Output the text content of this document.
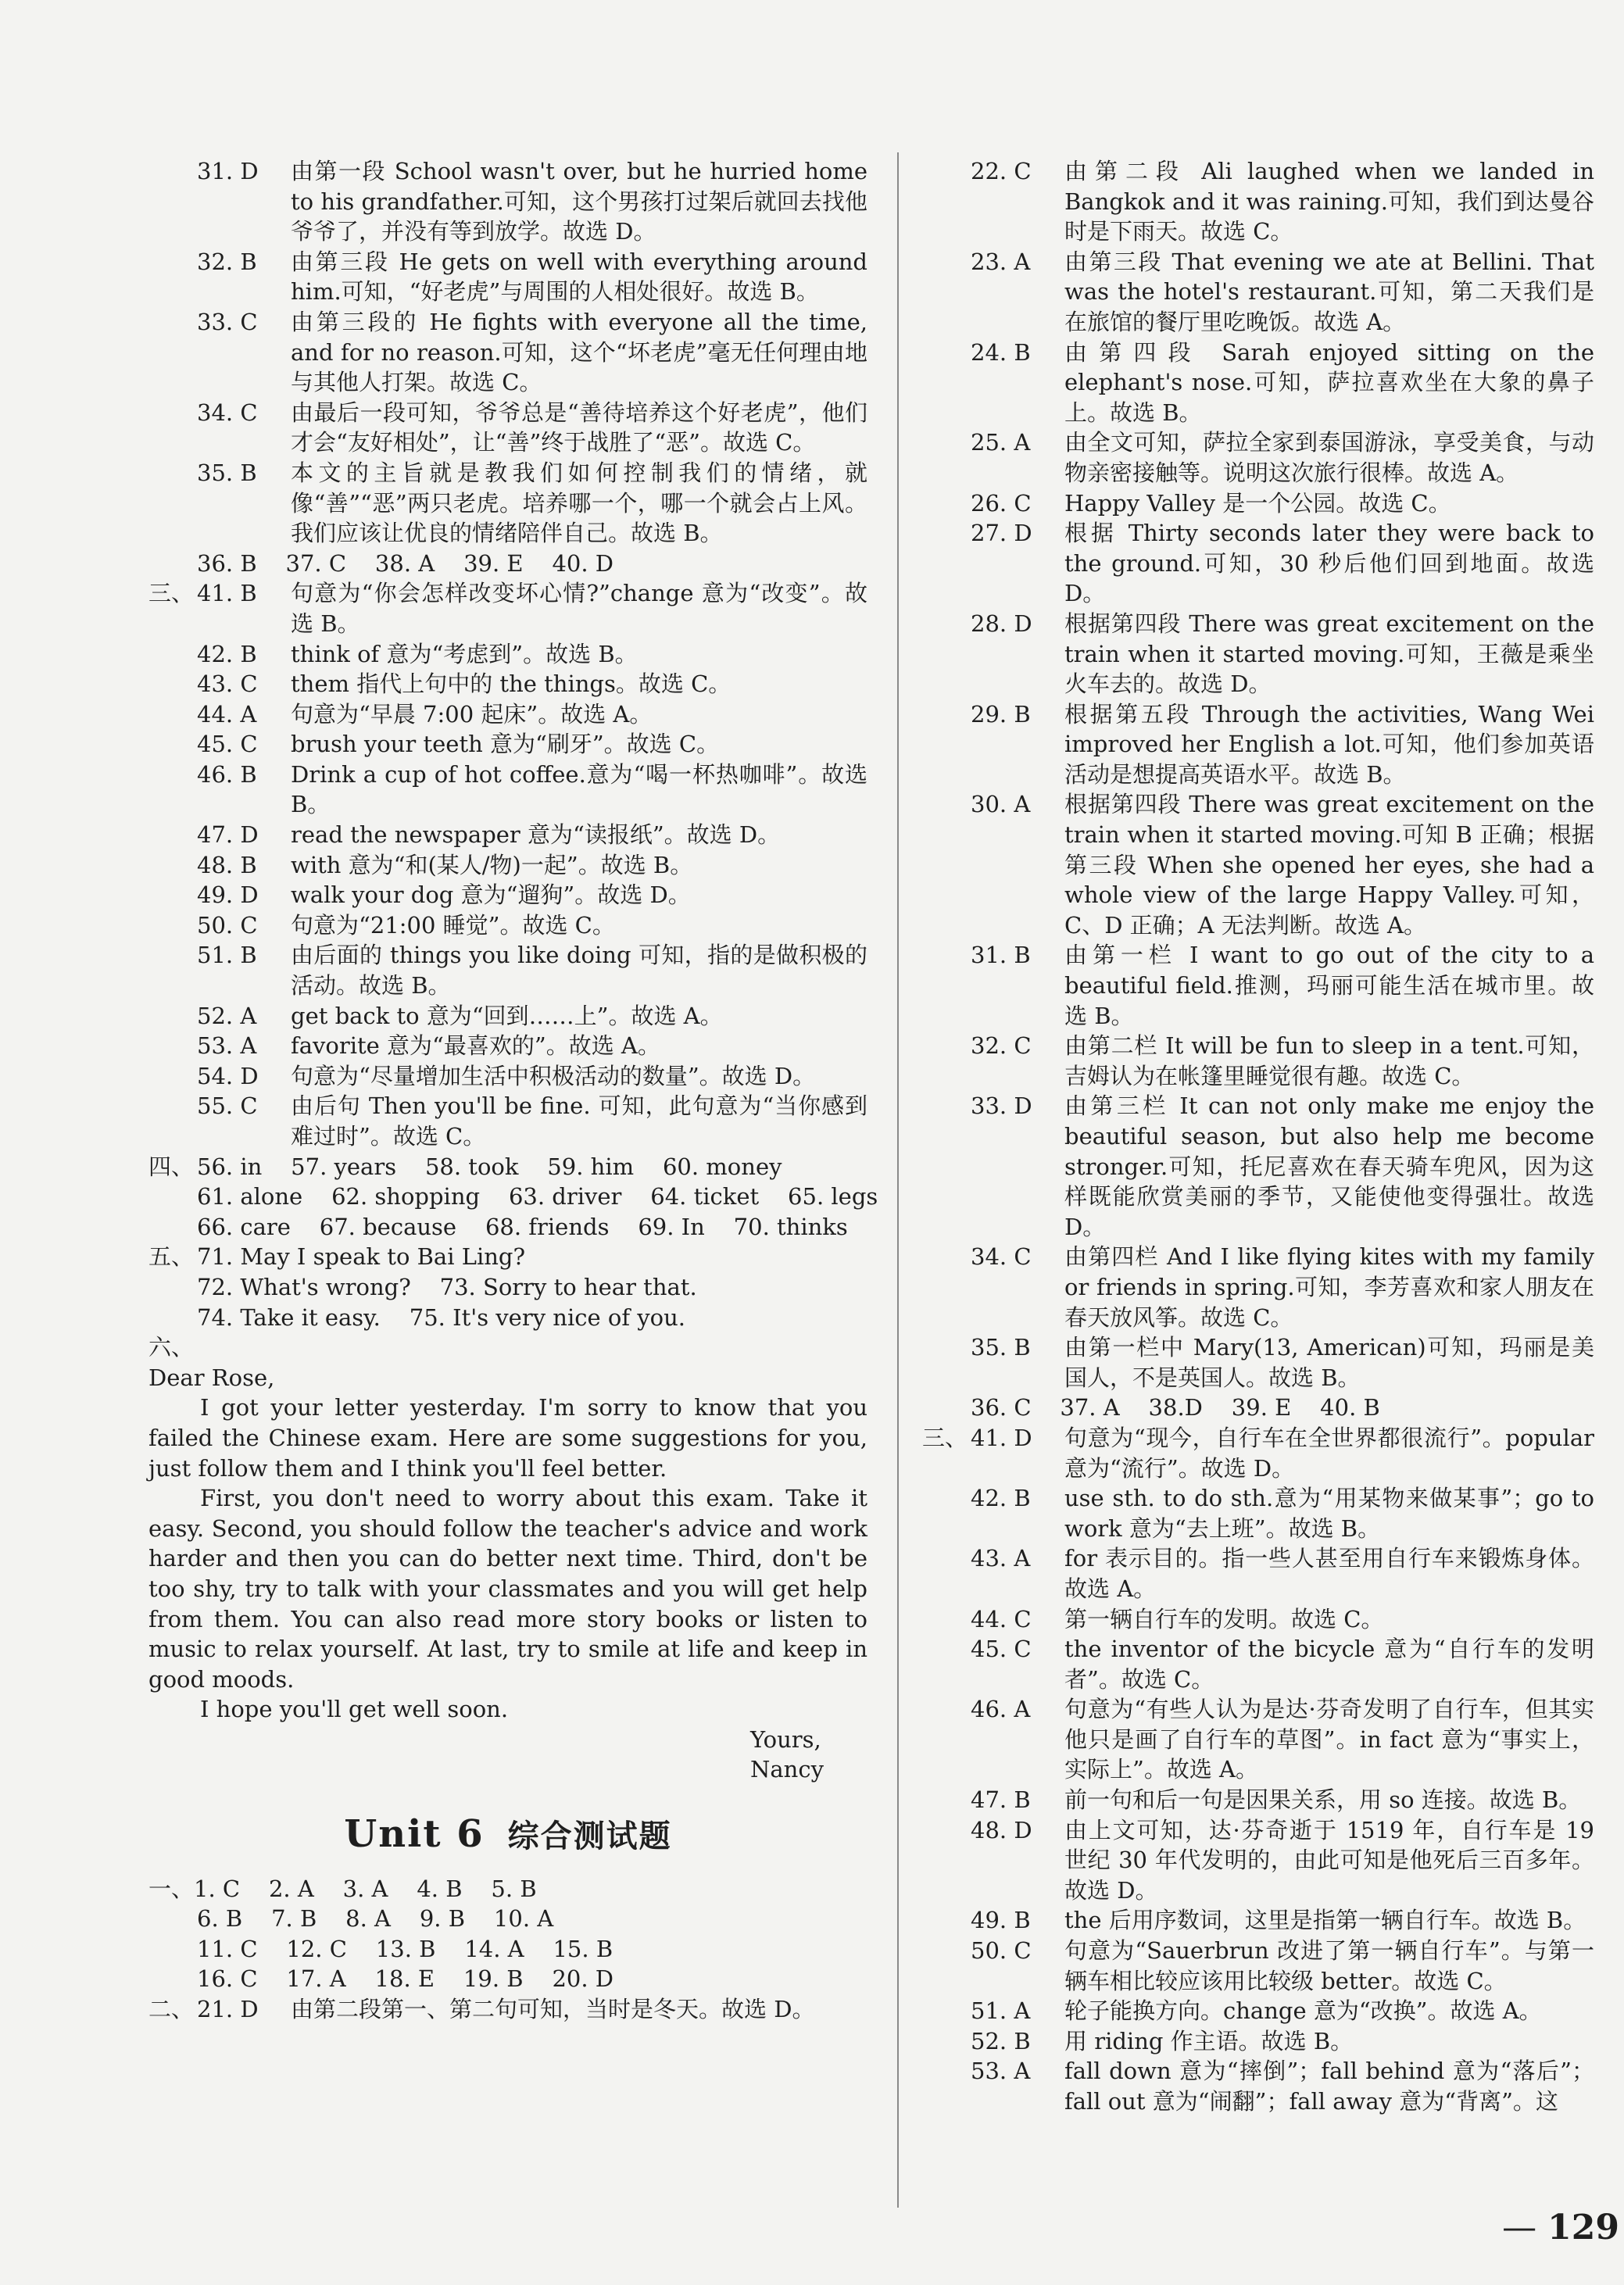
31. D	由第一段 School wasn't over, but he hurried home to his grandfather.可知，这个男孩打过架后就回去找他爷爷了，并没有等到放学。故选 D。
32. B	由第三段 He gets on well with everything around him.可知，“好老虎”与周围的人相处很好。故选 B。
33. C	由第三段的 He fights with everyone all the time, and for no reason.可知，这个“坏老虎”毫无任何理由地与其他人打架。故选 C。
34. C	由最后一段可知，爷爷总是“善待培养这个好老虎”，他们才会“友好相处”，让“善”终于战胜了“恶”。故选 C。
35. B	本文的主旨就是教我们如何控制我们的情绪，就像“善”“恶”两只老虎。培养哪一个，哪一个就会占上风。我们应该让优良的情绪陪伴自己。故选 B。
36. B    37. C    38. A    39. E    40. D
三、 41. B	句意为“你会怎样改变坏心情?”change 意为“改变”。故选 B。
42. B	think of 意为“考虑到”。故选 B。
43. C	them 指代上句中的 the things。故选 C。
44. A	句意为“早晨 7:00 起床”。故选 A。
45. C	brush your teeth 意为“刷牙”。故选 C。
46. B	Drink a cup of hot coffee.意为“喝一杯热咖啡”。故选 B。
47. D	read the newspaper 意为“读报纸”。故选 D。
48. B	with 意为“和(某人/物)一起”。故选 B。
49. D	walk your dog 意为“遛狗”。故选 D。
50. C	句意为“21:00 睡觉”。故选 C。
51. B	由后面的 things you like doing 可知，指的是做积极的活动。故选 B。
52. A	get back to 意为“回到……上”。故选 A。
53. A	favorite 意为“最喜欢的”。故选 A。
54. D	句意为“尽量增加生活中积极活动的数量”。故选 D。
55. C	由后句 Then you'll be fine. 可知，此句意为“当你感到难过时”。故选 C。
四、 56. in    57. years    58. took    59. him    60. money
61. alone    62. shopping    63. driver    64. ticket    65. legs
66. care    67. because    68. friends    69. In    70. thinks
五、 71. May I speak to Bai Ling?
72. What's wrong?    73. Sorry to hear that.
74. Take it easy.    75. It's very nice of you.
六、

Dear Rose,

I got your letter yesterday. I'm sorry to know that you failed the Chinese exam. Here are some suggestions for you, just follow them and I think you'll feel better.

First, you don't need to worry about this exam. Take it easy. Second, you should follow the teacher's advice and work harder and then you can do better next time. Third, don't be too shy, try to talk with your classmates and you will get help from them. You can also read more story books or listen to music to relax yourself. At last, try to smile at life and keep in good moods.

I hope you'll get well soon.

Yours,

Nancy

Unit 6 综合测试题
一、1. C    2. A    3. A    4. B    5. B
6. B    7. B    8. A    9. B    10. A
11. C    12. C    13. B    14. A    15. B
16. C    17. A    18. E    19. B    20. D
二、 21. D	由第二段第一、第二句可知，当时是冬天。故选 D。
22. C	由第二段 Ali laughed when we landed in Bangkok and it was raining.可知，我们到达曼谷时是下雨天。故选 C。
23. A	由第三段 That evening we ate at Bellini. That was the hotel's restaurant.可知，第二天我们是在旅馆的餐厅里吃晚饭。故选 A。
24. B	由第四段 Sarah enjoyed sitting on the elephant's nose.可知，萨拉喜欢坐在大象的鼻子上。故选 B。
25. A	由全文可知，萨拉全家到泰国游泳，享受美食，与动物亲密接触等。说明这次旅行很棒。故选 A。
26. C	Happy Valley 是一个公园。故选 C。
27. D	根据 Thirty seconds later they were back to the ground.可知，30 秒后他们回到地面。故选 D。
28. D	根据第四段 There was great excitement on the train when it started moving.可知，王薇是乘坐火车去的。故选 D。
29. B	根据第五段 Through the activities, Wang Wei improved her English a lot.可知，他们参加英语活动是想提高英语水平。故选 B。
30. A	根据第四段 There was great excitement on the train when it started moving.可知 B 正确；根据第三段 When she opened her eyes, she had a whole view of the large Happy Valley.可知，C、D 正确；A 无法判断。故选 A。
31. B	由第一栏 I want to go out of the city to a beautiful field.推测，玛丽可能生活在城市里。故选 B。
32. C	由第二栏 It will be fun to sleep in a tent.可知，吉姆认为在帐篷里睡觉很有趣。故选 C。
33. D	由第三栏 It can not only make me enjoy the beautiful season, but also help me become stronger.可知，托尼喜欢在春天骑车兜风，因为这样既能欣赏美丽的季节，又能使他变得强壮。故选 D。
34. C	由第四栏 And I like flying kites with my family or friends in spring.可知，李芳喜欢和家人朋友在春天放风筝。故选 C。
35. B	由第一栏中 Mary(13, American)可知，玛丽是美国人，不是英国人。故选 B。
36. C    37. A    38.D    39. E    40. B
三、 41. D	句意为“现今，自行车在全世界都很流行”。popular 意为“流行”。故选 D。
42. B	use sth. to do sth.意为“用某物来做某事”；go to work 意为“去上班”。故选 B。
43. A	for 表示目的。指一些人甚至用自行车来锻炼身体。故选 A。
44. C	第一辆自行车的发明。故选 C。
45. C	the inventor of the bicycle 意为“自行车的发明者”。故选 C。
46. A	句意为“有些人认为是达·芬奇发明了自行车，但其实他只是画了自行车的草图”。in fact 意为“事实上，实际上”。故选 A。
47. B	前一句和后一句是因果关系，用 so 连接。故选 B。
48. D	由上文可知，达·芬奇逝于 1519 年，自行车是 19 世纪 30 年代发明的，由此可知是他死后三百多年。故选 D。
49. B	the 后用序数词，这里是指第一辆自行车。故选 B。
50. C	句意为“Sauerbrun 改进了第一辆自行车”。与第一辆车相比较应该用比较级 better。故选 C。
51. A	轮子能换方向。change 意为“改换”。故选 A。
52. B	用 riding 作主语。故选 B。
53. A	fall down 意为“摔倒”；fall behind 意为“落后”；fall out 意为“闹翻”；fall away 意为“背离”。这
— 129
